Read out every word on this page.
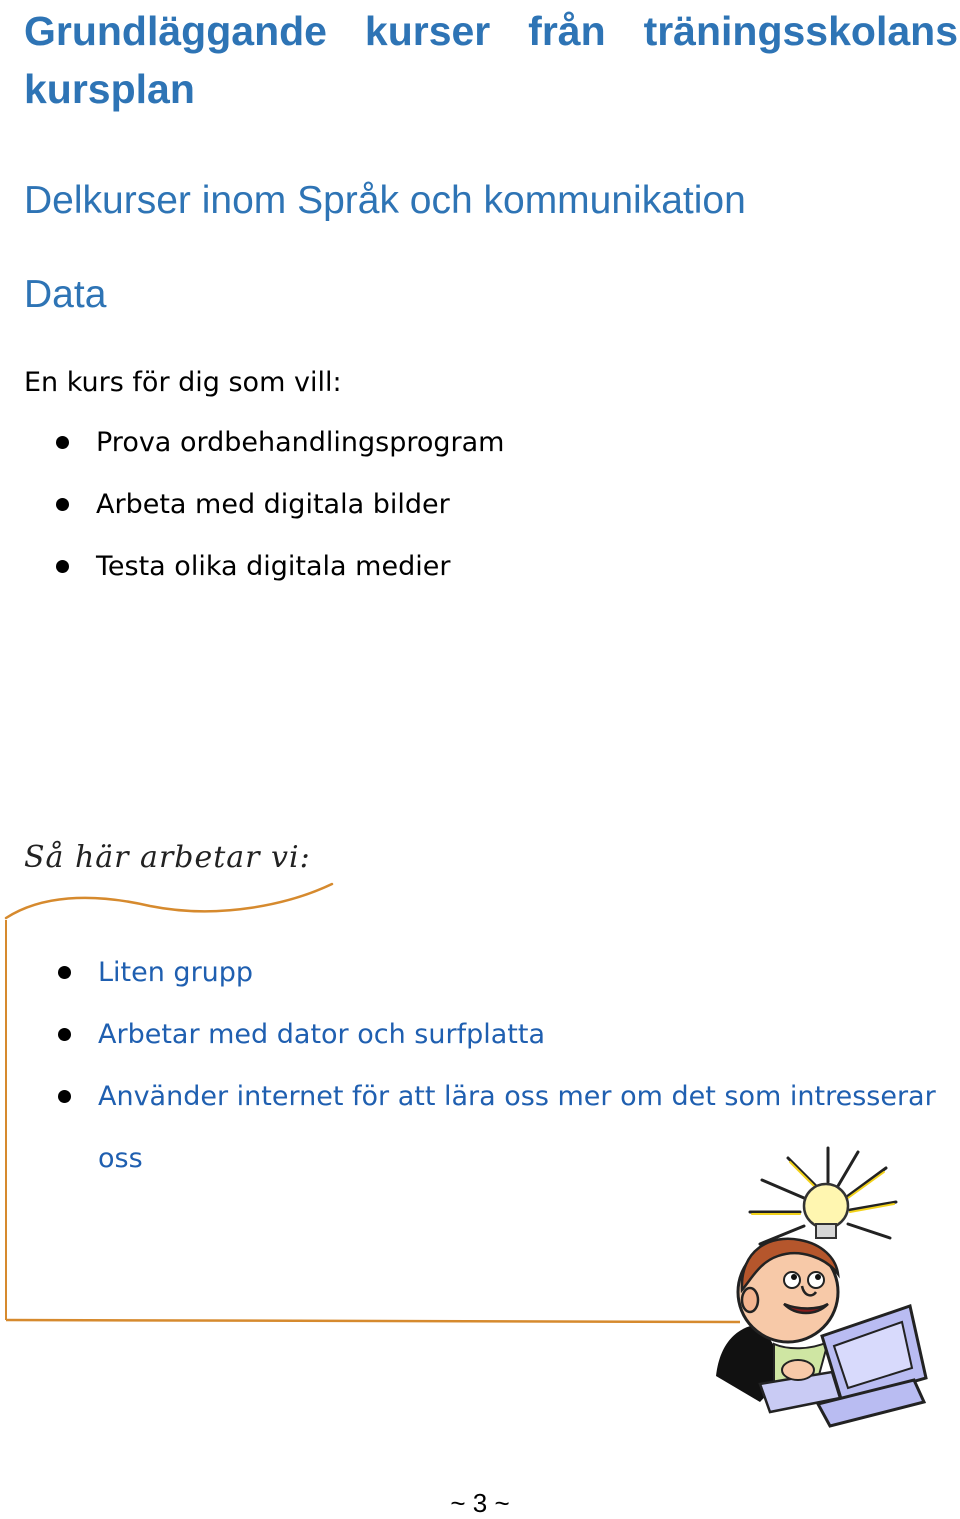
Grundläggande kurser från träningsskolans kursplan
Delkurser inom Språk och kommunikation
Data

En kurs för dig som vill:

Prova ordbehandlingsprogram
Arbeta med digitala bilder
Testa olika digitala medier

Så här arbetar vi:

Liten grupp
Arbetar med dator och surfplatta
Använder internet för att lära oss mer om det som intresserar oss
~ 3 ~
